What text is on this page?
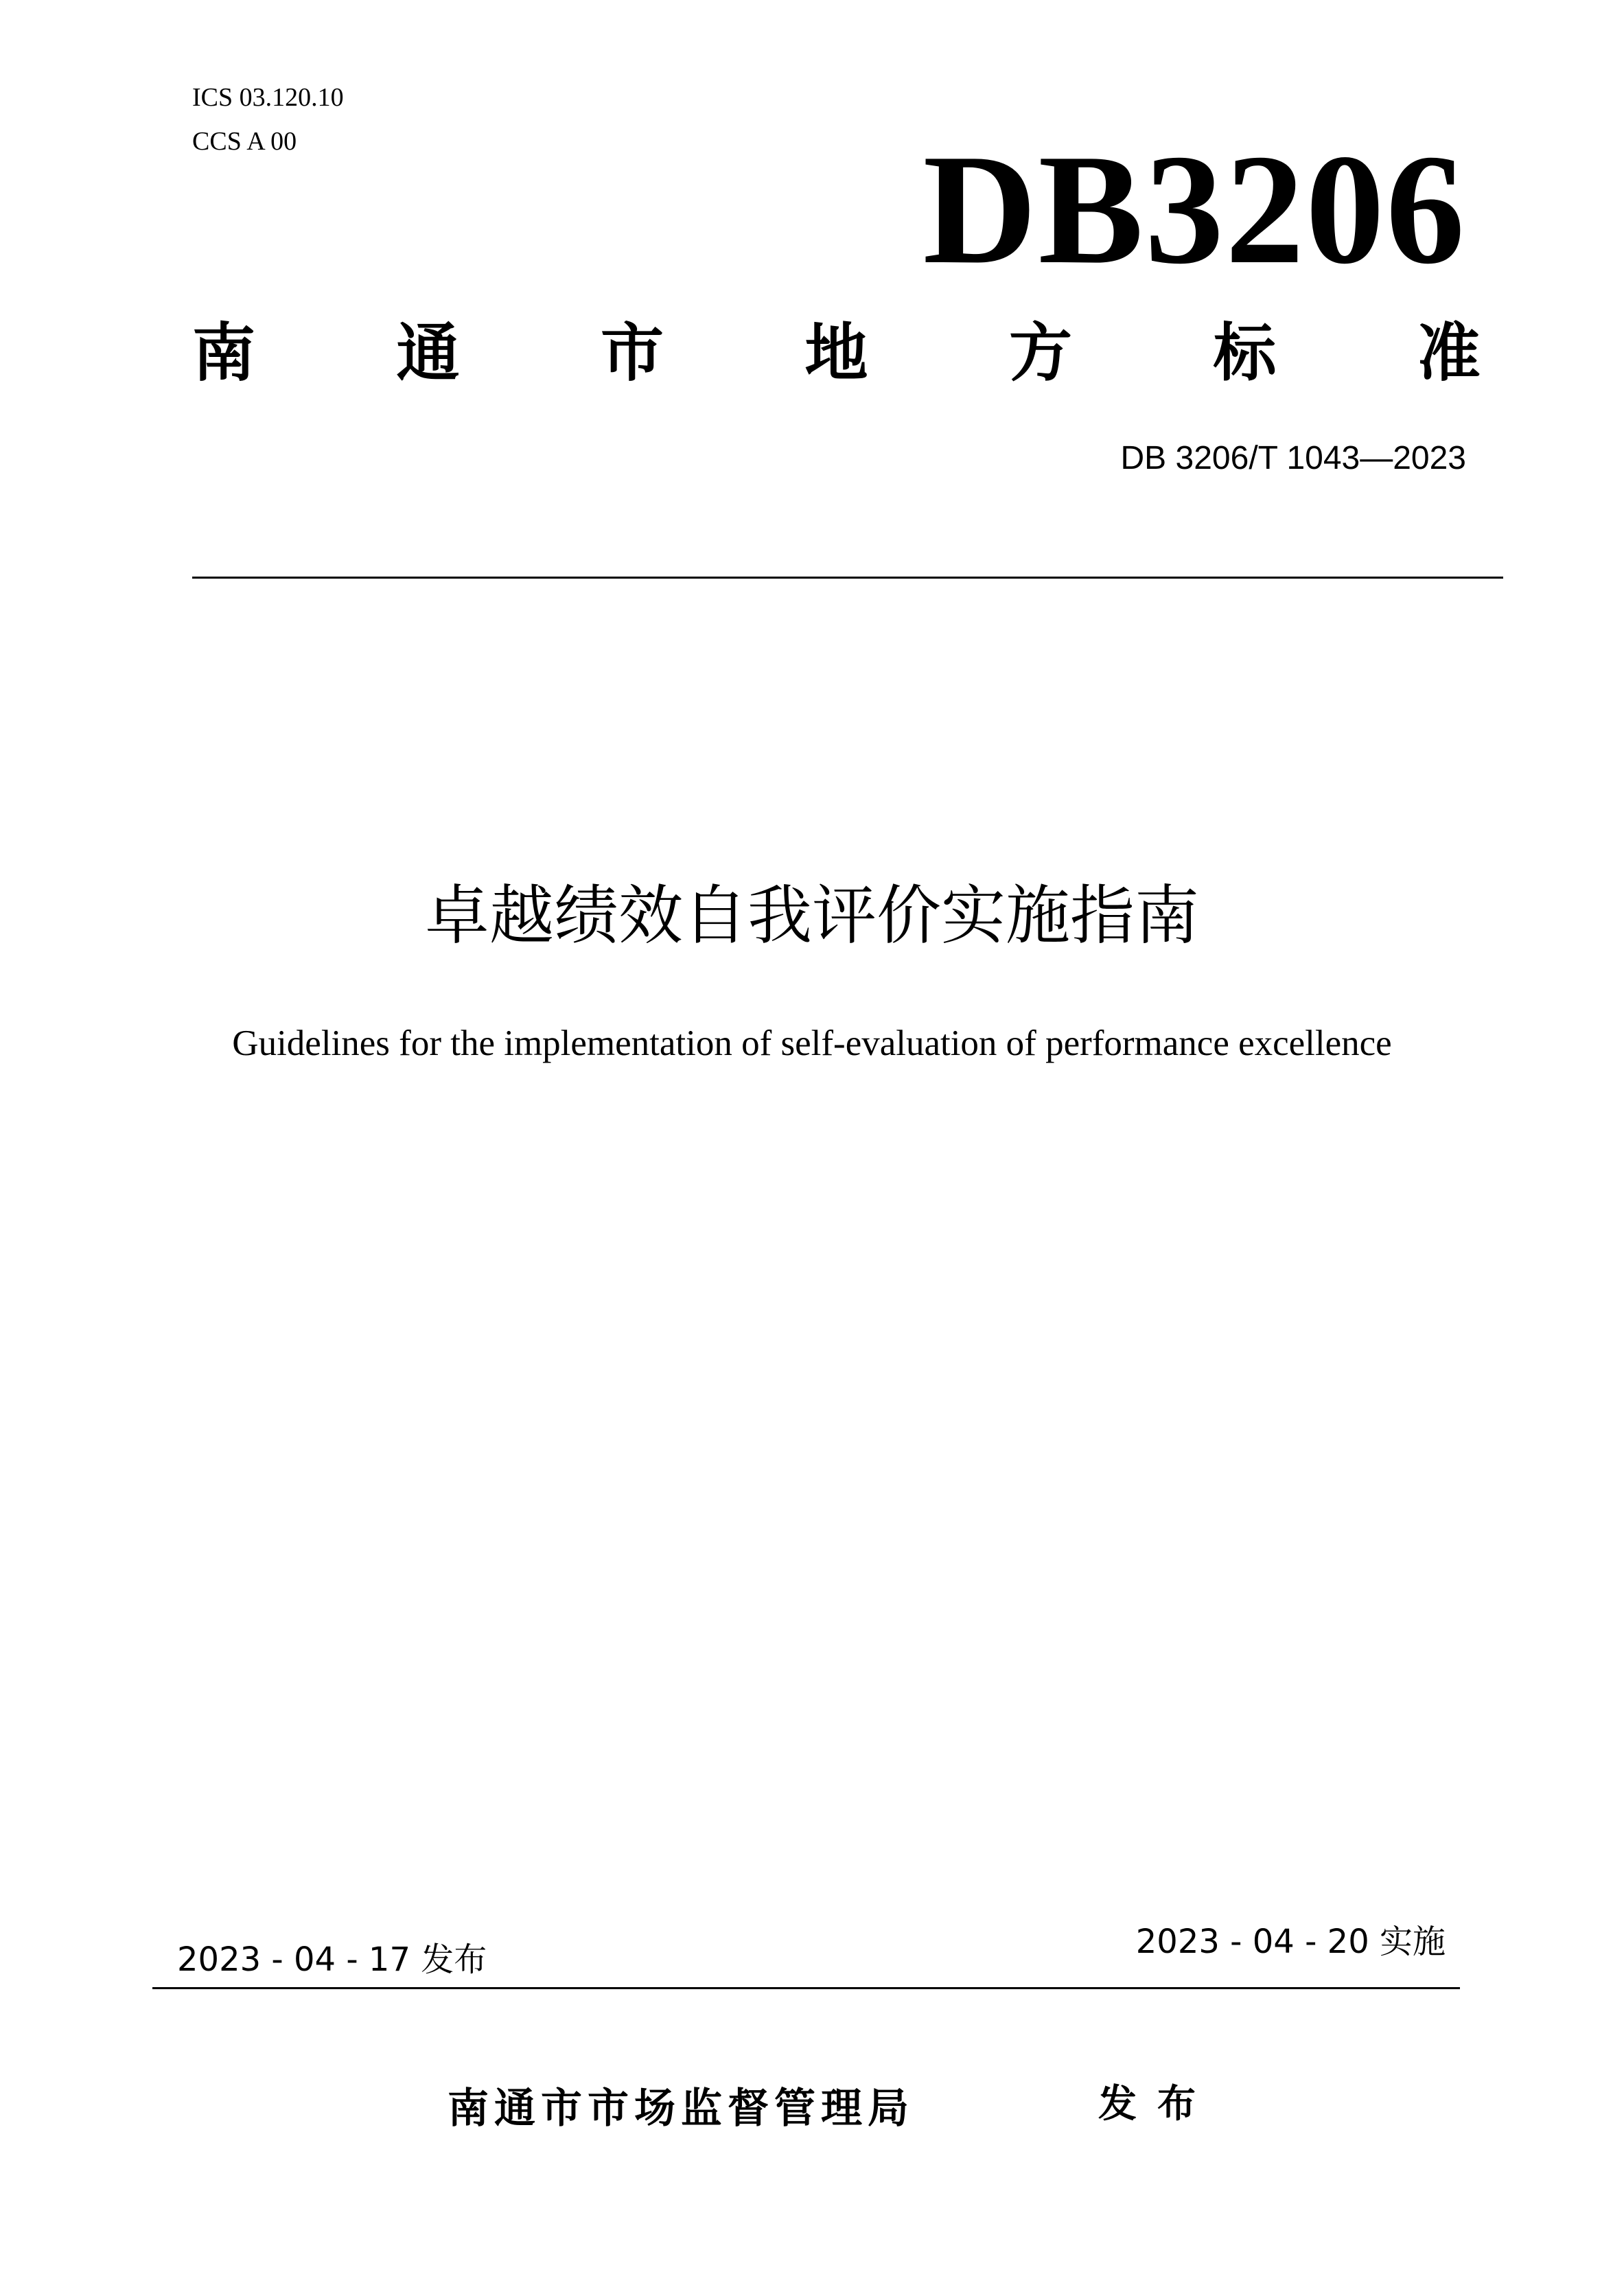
ICS 03.120.10
CCS A 00	DB3206
南 通 市 地 方 标 准
DB 3206/T 1043—2023
卓越绩效自我评价实施指南
Guidelines for the implementation of self-evaluation of performance excellence
2023 - 04 - 17 发布	2023 - 04 - 20 实施
南通市市场监督管理局	发布
